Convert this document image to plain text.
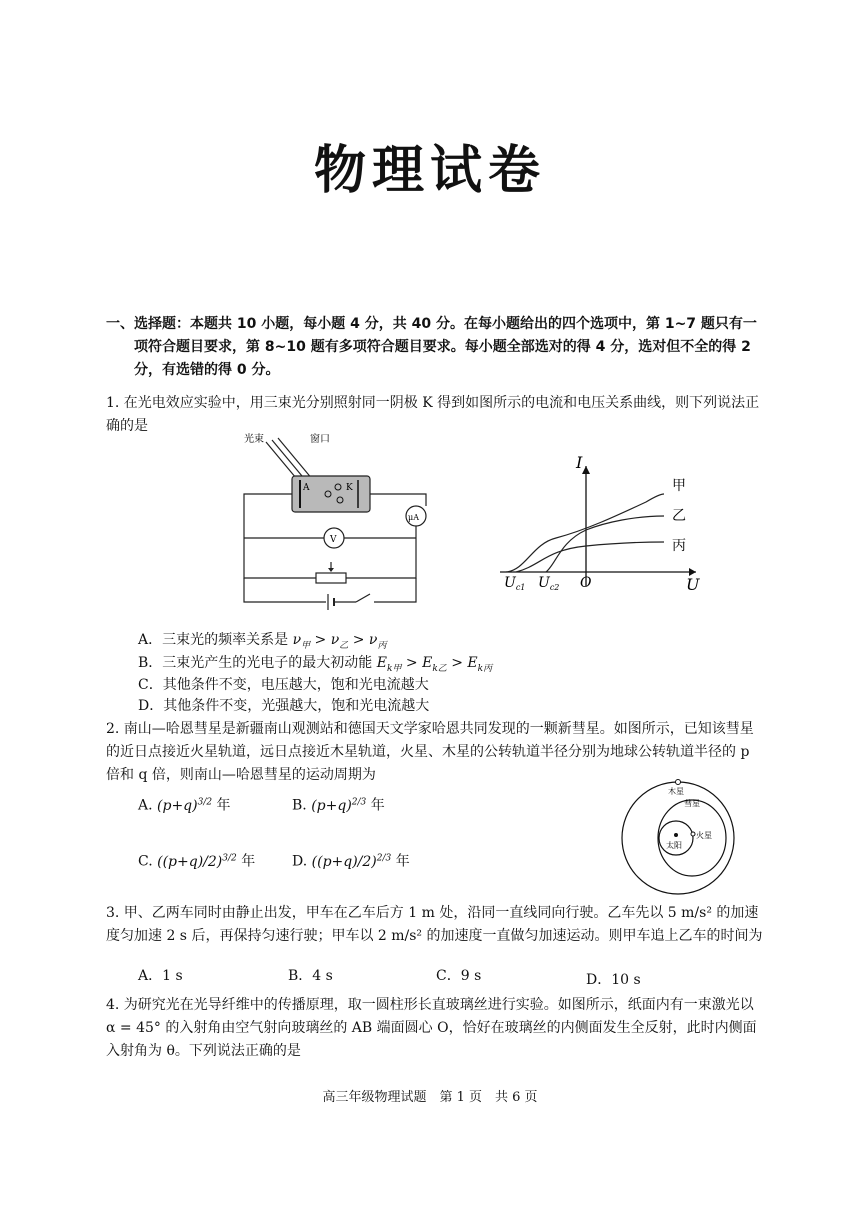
物理试卷
一、选择题：本题共 10 小题，每小题 4 分，共 40 分。在每小题给出的四个选项中，第 1~7 题只有一项符合题目要求，第 8~10 题有多项符合题目要求。每小题全部选对的得 4 分，选对但不全的得 2 分，有选错的得 0 分。
1. 在光电效应实验中，用三束光分别照射同一阴极 K 得到如图所示的电流和电压关系曲线，则下列说法正确的是
光束	窗口
A	K
μA
V
I
U
O
$U_{c1}$ $U_{c2}$
甲
乙
丙
A．三束光的频率关系是 $\nu_甲 > \nu_乙 > \nu_丙$
B．三束光产生的光电子的最大初动能 $E_{k甲} > E_{k乙} > E_{k丙}$
C．其他条件不变，电压越大，饱和光电流越大
D．其他条件不变，光强越大，饱和光电流越大
2. 南山—哈恩彗星是新疆南山观测站和德国天文学家哈恩共同发现的一颗新彗星。如图所示，已知该彗星的近日点接近火星轨道，远日点接近木星轨道，火星、木星的公转轨道半径分别为地球公转轨道半径的 p 倍和 q 倍，则南山—哈恩彗星的运动周期为
A. $(p+q)^{3/2}$ 年	B. $(p+q)^{2/3}$ 年
C. $((p+q)/2)^{3/2}$ 年	D. $((p+q)/2)^{2/3}$ 年
木星
彗星
太阳
火星
3. 甲、乙两车同时由静止出发，甲车在乙车后方 1 m 处，沿同一直线同向行驶。乙车先以 5 m/s² 的加速度匀加速 2 s 后，再保持匀速行驶；甲车以 2 m/s² 的加速度一直做匀加速运动。则甲车追上乙车的时间为
A．1 s	B．4 s	C．9 s	D．10 s
4. 为研究光在光导纤维中的传播原理，取一圆柱形长直玻璃丝进行实验。如图所示，纸面内有一束激光以 α = 45° 的入射角由空气射向玻璃丝的 AB 端面圆心 O，恰好在玻璃丝的内侧面发生全反射，此时内侧面入射角为 θ。下列说法正确的是
高三年级物理试题　第 1 页　共 6 页
